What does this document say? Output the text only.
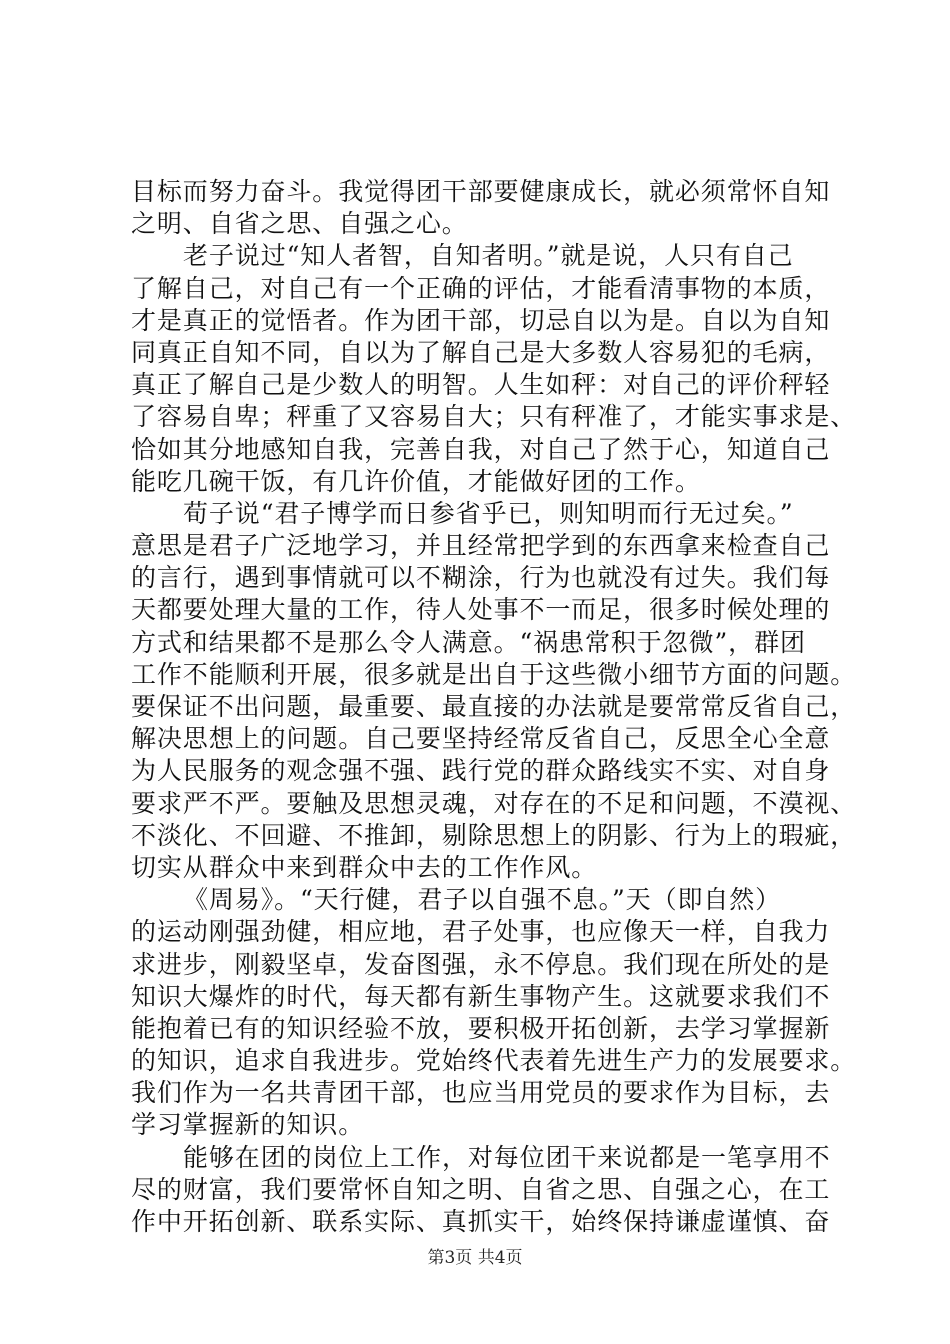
目标而努力奋斗。我觉得团干部要健康成长，就必须常怀自知
之明、自省之思、自强之心。
老子说过“知人者智，自知者明。”就是说，人只有自己
了解自己，对自己有一个正确的评估，才能看清事物的本质，
才是真正的觉悟者。作为团干部，切忌自以为是。自以为自知
同真正自知不同，自以为了解自己是大多数人容易犯的毛病，
真正了解自己是少数人的明智。人生如秤：对自己的评价秤轻
了容易自卑；秤重了又容易自大；只有秤准了，才能实事求是、
恰如其分地感知自我，完善自我，对自己了然于心，知道自己
能吃几碗干饭，有几许价值，才能做好团的工作。
荀子说“君子博学而日参省乎已，则知明而行无过矣。”
意思是君子广泛地学习，并且经常把学到的东西拿来检查自己
的言行，遇到事情就可以不糊涂，行为也就没有过失。我们每
天都要处理大量的工作，待人处事不一而足，很多时候处理的
方式和结果都不是那么令人满意。“祸患常积于忽微”，群团
工作不能顺利开展，很多就是出自于这些微小细节方面的问题。
要保证不出问题，最重要、最直接的办法就是要常常反省自己，
解决思想上的问题。自己要坚持经常反省自己，反思全心全意
为人民服务的观念强不强、践行党的群众路线实不实、对自身
要求严不严。要触及思想灵魂，对存在的不足和问题，不漠视、
不淡化、不回避、不推卸，剔除思想上的阴影、行为上的瑕疵，
切实从群众中来到群众中去的工作作风。
《周易》。“天行健，君子以自强不息。”天（即自然）
的运动刚强劲健，相应地，君子处事，也应像天一样，自我力
求进步，刚毅坚卓，发奋图强，永不停息。我们现在所处的是
知识大爆炸的时代，每天都有新生事物产生。这就要求我们不
能抱着已有的知识经验不放，要积极开拓创新，去学习掌握新
的知识，追求自我进步。党始终代表着先进生产力的发展要求。
我们作为一名共青团干部，也应当用党员的要求作为目标，去
学习掌握新的知识。
能够在团的岗位上工作，对每位团干来说都是一笔享用不
尽的财富，我们要常怀自知之明、自省之思、自强之心，在工
作中开拓创新、联系实际、真抓实干，始终保持谦虚谨慎、奋
第3页 共4页
